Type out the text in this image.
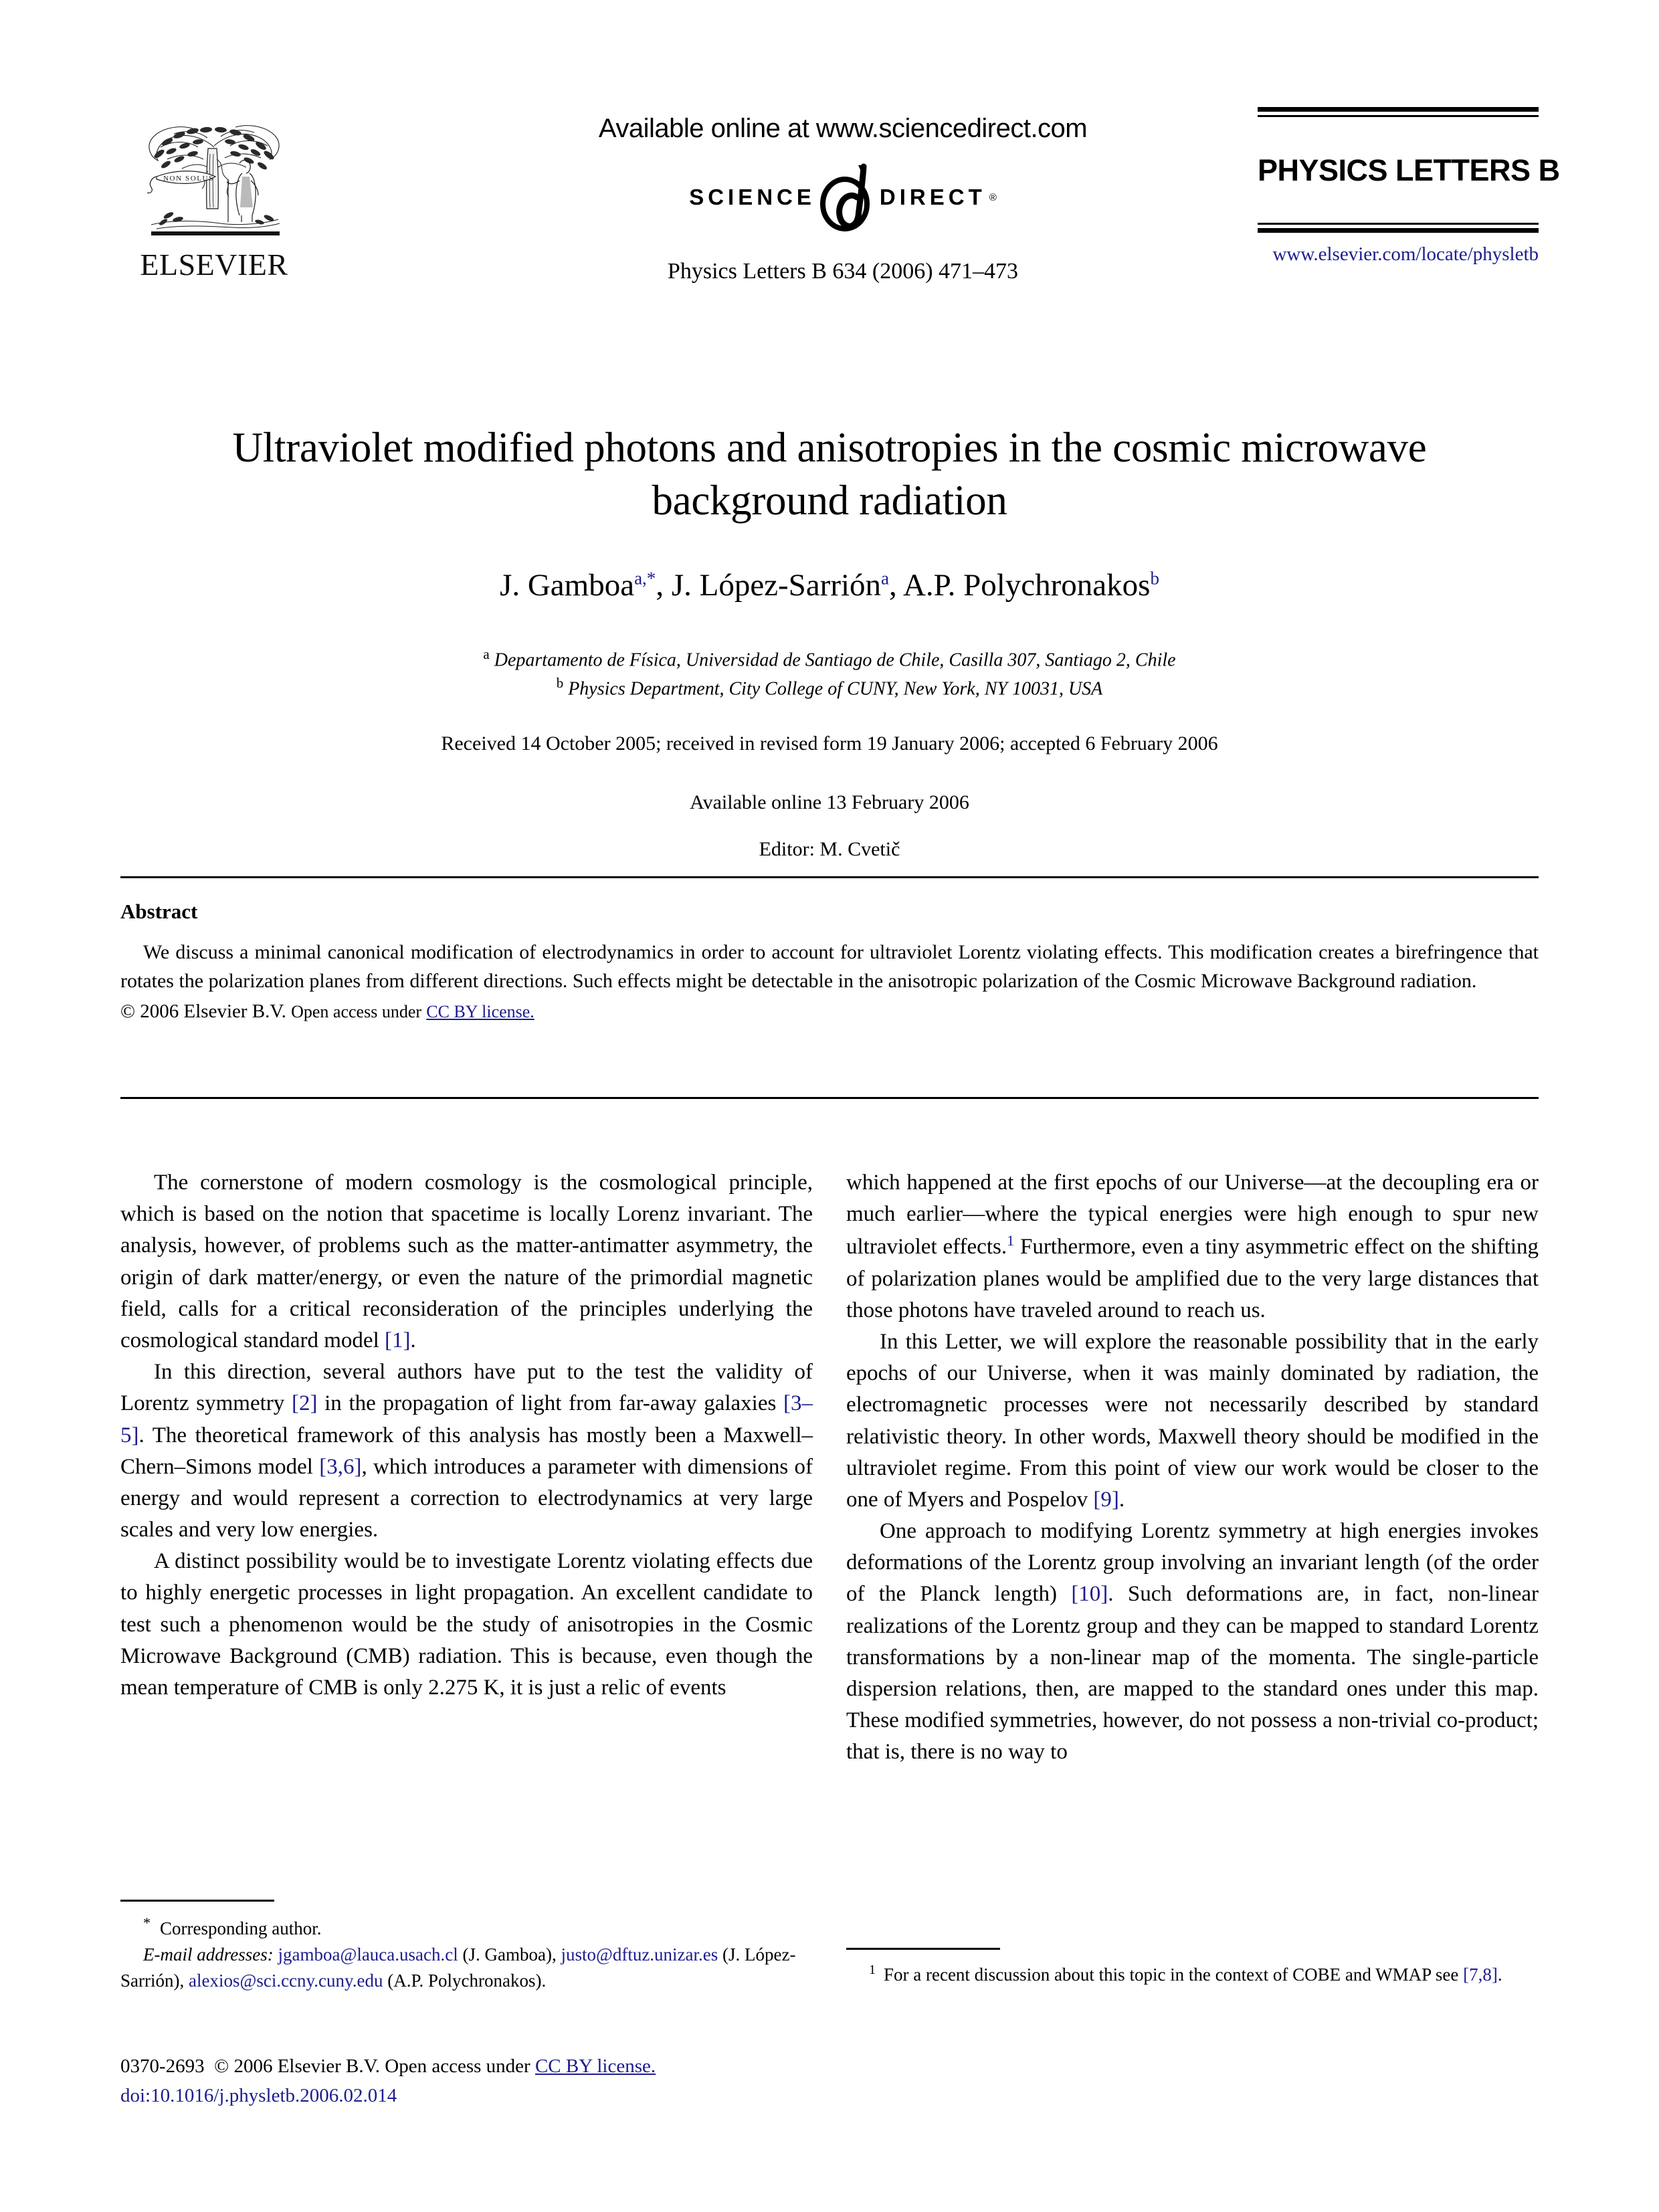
NON SOLUS
ELSEVIER
Available online at www.sciencedirect.com
SCIENCE	DIRECT ®
Physics Letters B 634 (2006) 471–473
PHYSICS LETTERS B
www.elsevier.com/locate/physletb
Ultraviolet modified photons and anisotropies in the cosmic microwave background radiation
J. Gamboa$^{a,*}$, J. López-Sarrión$^a$, A.P. Polychronakos$^b$
$^a$ Departamento de Física, Universidad de Santiago de Chile, Casilla 307, Santiago 2, Chile
$^b$ Physics Department, City College of CUNY, New York, NY 10031, USA
Received 14 October 2005; received in revised form 19 January 2006; accepted 6 February 2006
Available online 13 February 2006
Editor: M. Cvetič
Abstract
We discuss a minimal canonical modification of electrodynamics in order to account for ultraviolet Lorentz violating effects. This modification creates a birefringence that rotates the polarization planes from different directions. Such effects might be detectable in the anisotropic polarization of the Cosmic Microwave Background radiation.
© 2006 Elsevier B.V. Open access under CC BY license.

The cornerstone of modern cosmology is the cosmological principle, which is based on the notion that spacetime is locally Lorenz invariant. The analysis, however, of problems such as the matter-antimatter asymmetry, the origin of dark matter/energy, or even the nature of the primordial magnetic field, calls for a critical reconsideration of the principles underlying the cosmological standard model [1].

In this direction, several authors have put to the test the validity of Lorentz symmetry [2] in the propagation of light from far-away galaxies [3–5]. The theoretical framework of this analysis has mostly been a Maxwell–Chern–Simons model [3,6], which introduces a parameter with dimensions of energy and would represent a correction to electrodynamics at very large scales and very low energies.

A distinct possibility would be to investigate Lorentz violating effects due to highly energetic processes in light propagation. An excellent candidate to test such a phenomenon would be the study of anisotropies in the Cosmic Microwave Background (CMB) radiation. This is because, even though the mean temperature of CMB is only 2.275 K, it is just a relic of events

which happened at the first epochs of our Universe—at the decoupling era or much earlier—where the typical energies were high enough to spur new ultraviolet effects.$^1$ Furthermore, even a tiny asymmetric effect on the shifting of polarization planes would be amplified due to the very large distances that those photons have traveled around to reach us.

In this Letter, we will explore the reasonable possibility that in the early epochs of our Universe, when it was mainly dominated by radiation, the electromagnetic processes were not necessarily described by standard relativistic theory. In other words, Maxwell theory should be modified in the ultraviolet regime. From this point of view our work would be closer to the one of Myers and Pospelov [9].

One approach to modifying Lorentz symmetry at high energies invokes deformations of the Lorentz group involving an invariant length (of the order of the Planck length) [10]. Such deformations are, in fact, non-linear realizations of the Lorentz group and they can be mapped to standard Lorentz transformations by a non-linear map of the momenta. The single-particle dispersion relations, then, are mapped to the standard ones under this map. These modified symmetries, however, do not possess a non-trivial co-product; that is, there is no way to

* Corresponding author.
E-mail addresses: jgamboa@lauca.usach.cl (J. Gamboa), justo@dftuz.unizar.es (J. López-Sarrión), alexios@sci.ccny.cuny.edu (A.P. Polychronakos).
$^1$ For a recent discussion about this topic in the context of COBE and WMAP see [7,8].
0370-2693 © 2006 Elsevier B.V. Open access under CC BY license.
doi:10.1016/j.physletb.2006.02.014
